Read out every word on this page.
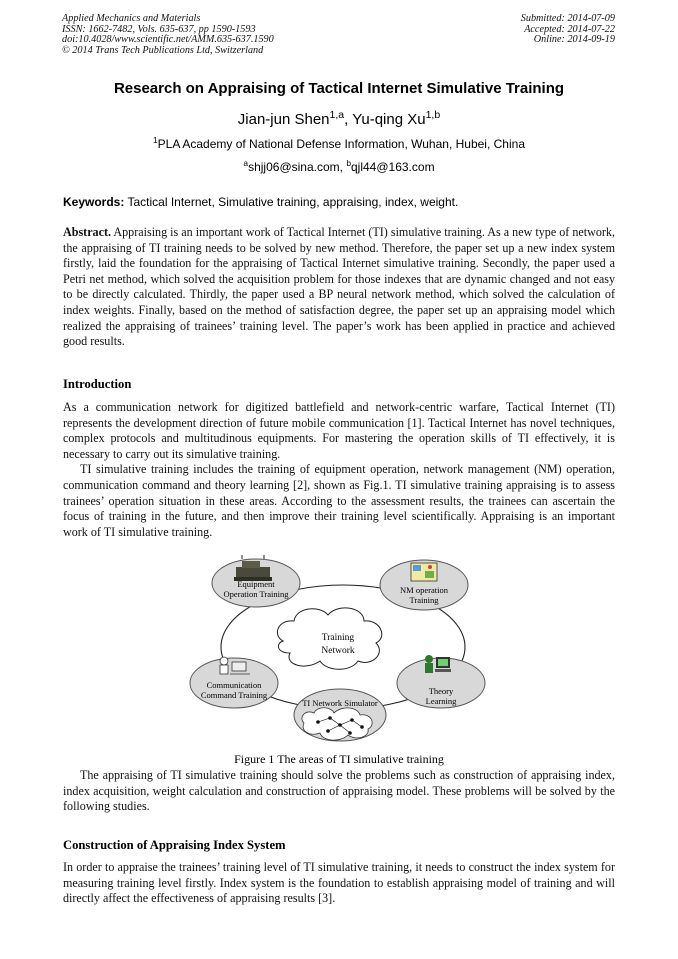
Applied Mechanics and Materials
ISSN: 1662-7482, Vols. 635-637, pp 1590-1593
doi:10.4028/www.scientific.net/AMM.635-637.1590
© 2014 Trans Tech Publications Ltd, Switzerland
Submitted: 2014-07-09
Accepted: 2014-07-22
Online: 2014-09-19
Research on Appraising of Tactical Internet Simulative Training
Jian-jun Shen$^{1,a}$, Yu-qing Xu$^{1,b}$
$^1$PLA Academy of National Defense Information, Wuhan, Hubei, China
$^a$shjj06@sina.com, $^b$qjl44@163.com
Keywords: Tactical Internet, Simulative training, appraising, index, weight.

Abstract. Appraising is an important work of Tactical Internet (TI) simulative training. As a new type of network, the appraising of TI training needs to be solved by new method. Therefore, the paper set up a new index system firstly, laid the foundation for the appraising of Tactical Internet simulative training. Secondly, the paper used a Petri net method, which solved the acquisition problem for those indexes that are dynamic changed and not easy to be directly calculated. Thirdly, the paper used a BP neural network method, which solved the calculation of index weights. Finally, based on the method of satisfaction degree, the paper set up an appraising model which realized the appraising of trainees’ training level. The paper’s work has been applied in practice and achieved good results.

Introduction

As a communication network for digitized battlefield and network-centric warfare, Tactical Internet (TI) represents the development direction of future mobile communication [1]. Tactical Internet has novel techniques, complex protocols and multitudinous equipments. For mastering the operation skills of TI effectively, it is necessary to carry out its simulative training.

TI simulative training includes the training of equipment operation, network management (NM) operation, communication command and theory learning [2], shown as Fig.1. TI simulative training appraising is to assess trainees’ operation situation in these areas. According to the assessment results, the trainees can ascertain the focus of training in the future, and then improve their training level scientifically. Appraising is an important work of TI simulative training.

Training
Network
Equipment
Operation Training	NM operation
Training
Communication
Command Training	Theory
Learning
TI Network Simulator
Figure 1 The areas of TI simulative training

The appraising of TI simulative training should solve the problems such as construction of appraising index, index acquisition, weight calculation and construction of appraising model. These problems will be solved by the following studies.

Construction of Appraising Index System

In order to appraise the trainees’ training level of TI simulative training, it needs to construct the index system for measuring training level firstly. Index system is the foundation to establish appraising model of training and will directly affect the effectiveness of appraising results [3].
